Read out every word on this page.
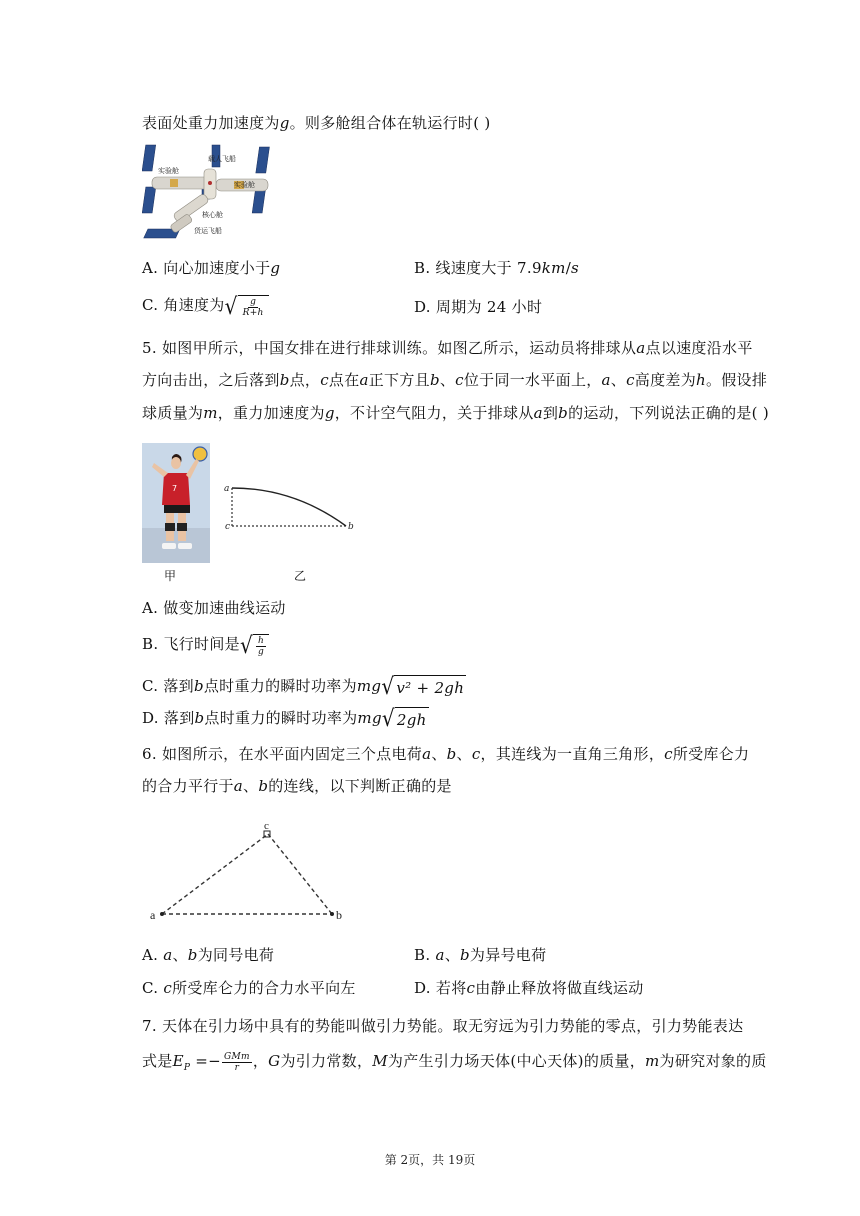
表面处重力加速度为𝑔。则多舱组合体在轨运行时( )
载人飞船
实验舱
实验舱
核心舱
货运飞船
A. 向心加速度小于𝑔	B. 线速度大于 7.9𝑘𝑚/𝑠
C. 角速度为 √ $\frac{\text{𝑔}}{\text{𝑅+ℎ}}$	D. 周期为 24 小时
5. 如图甲所示，中国女排在进行排球训练。如图乙所示，运动员将排球从𝑎点以速度沿水平
方向击出，之后落到𝑏点，𝑐点在𝑎正下方且𝑏、𝑐位于同一水平面上，𝑎、𝑐高度差为ℎ。假设排
球质量为𝑚，重力加速度为𝑔，不计空气阻力，关于排球从𝑎到𝑏的运动，下列说法正确的是( )
7
甲
a
c	b
乙
A. 做变加速曲线运动
B. 飞行时间是 √ $\frac{\text{ℎ}}{\text{𝑔}}$
C. 落到𝑏点时重力的瞬时功率为𝑚𝑔 √ 𝑣² + 2𝑔ℎ
D. 落到𝑏点时重力的瞬时功率为𝑚𝑔 √ 2𝑔ℎ
6. 如图所示，在水平面内固定三个点电荷𝑎、𝑏、𝑐，其连线为一直角三角形，𝑐所受库仑力
的合力平行于𝑎、𝑏的连线，以下判断正确的是
c
a	b
A. 𝑎、𝑏为同号电荷	B. 𝑎、𝑏为异号电荷
C. 𝑐所受库仑力的合力水平向左	D. 若将𝑐由静止释放将做直线运动
7. 天体在引力场中具有的势能叫做引力势能。取无穷远为引力势能的零点，引力势能表达
式是𝐸$_𝑃$ =− $\frac{\text{𝐺𝑀𝑚}}{\text{𝑟}}$ ，𝐺为引力常数，𝑀为产生引力场天体(中心天体)的质量，𝑚为研究对象的质
第 2页，共 19页
